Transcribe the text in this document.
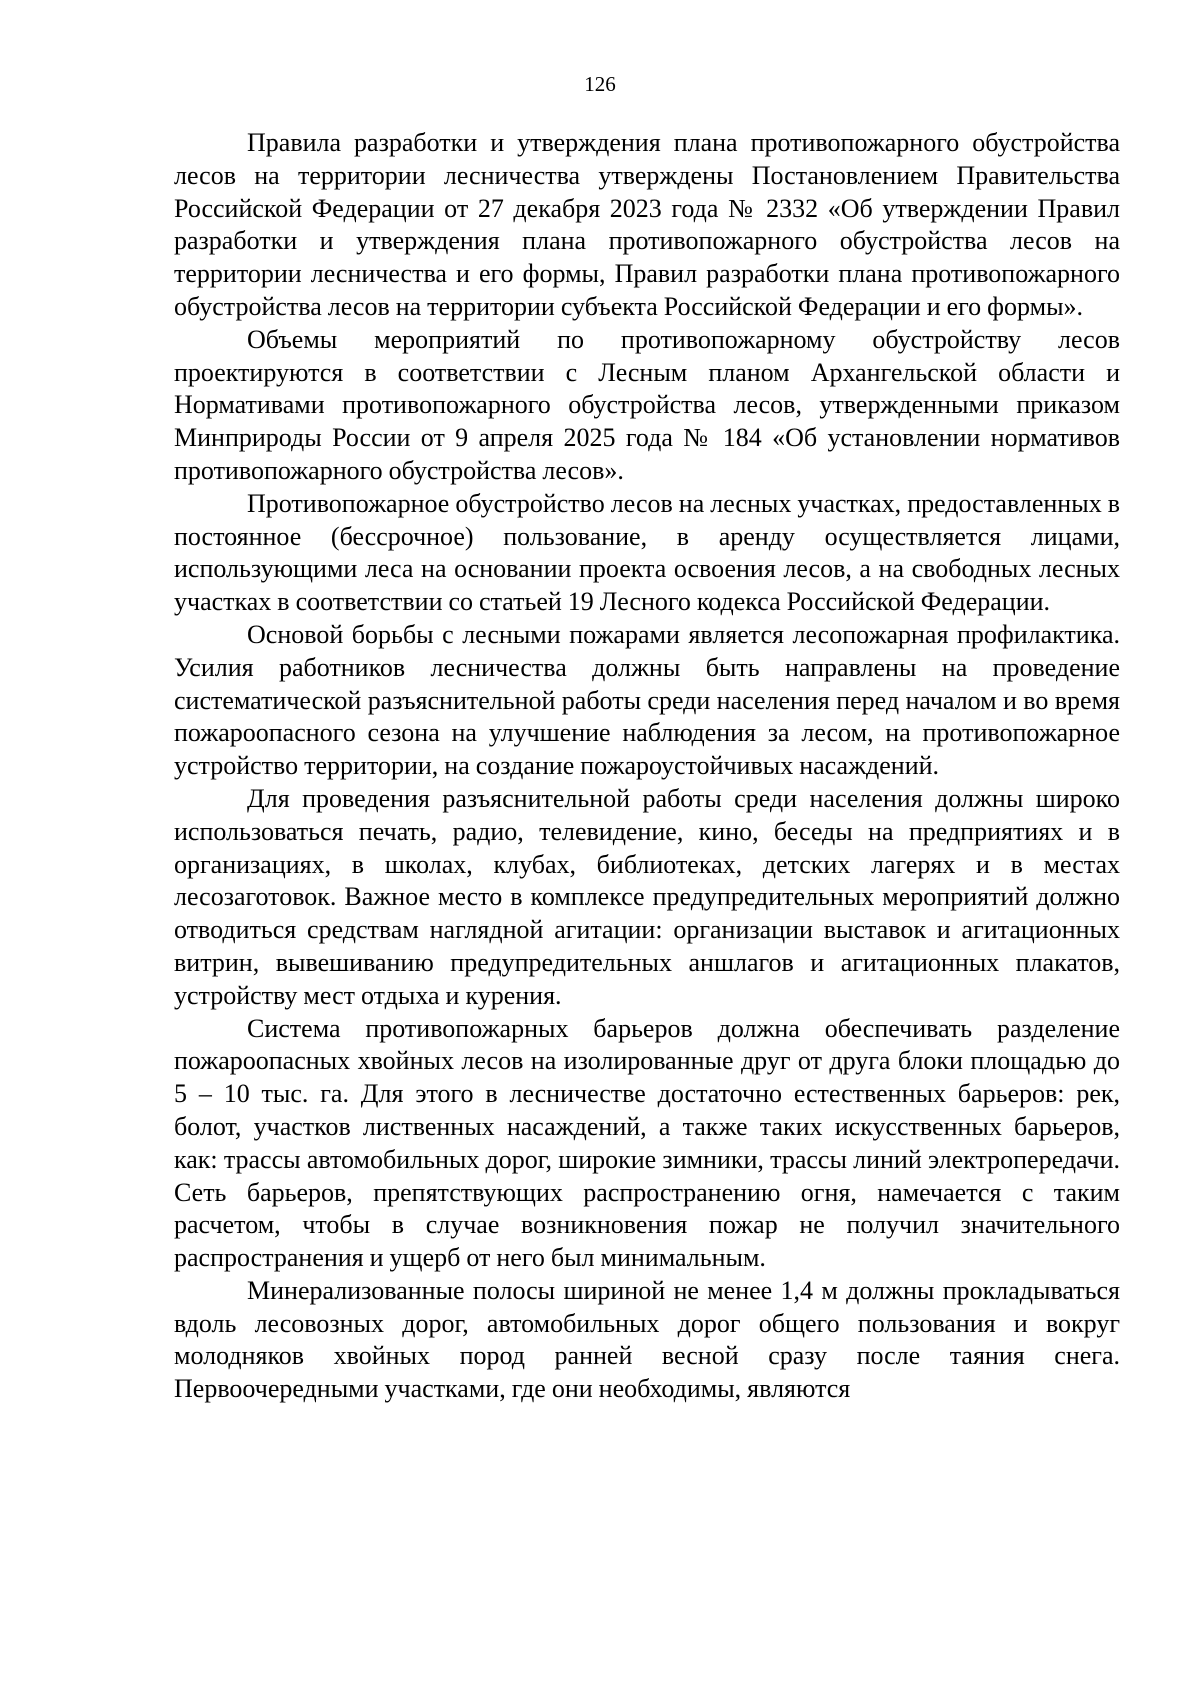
126

Правила разработки и утверждения плана противопожарного обустройства лесов на территории лесничества утверждены Постановлением Правительства Российской Федерации от 27 декабря 2023 года № 2332 «Об утверждении Правил разработки и утверждения плана противопожарного обустройства лесов на территории лесничества и его формы, Правил разработки плана противопожарного обустройства лесов на территории субъекта Российской Федерации и его формы».

Объемы мероприятий по противопожарному обустройству лесов проектируются в соответствии с Лесным планом Архангельской области и Нормативами противопожарного обустройства лесов, утвержденными приказом Минприроды России от 9 апреля 2025 года № 184 «Об установлении нормативов противопожарного обустройства лесов».

Противопожарное обустройство лесов на лесных участках, предоставленных в постоянное (бессрочное) пользование, в аренду осуществляется лицами, использующими леса на основании проекта освоения лесов, а на свободных лесных участках в соответствии со статьей 19 Лесного кодекса Российской Федерации.

Основой борьбы с лесными пожарами является лесопожарная профилактика. Усилия работников лесничества должны быть направлены на проведение систематической разъяснительной работы среди населения перед началом и во время пожароопасного сезона на улучшение наблюдения за лесом, на противопожарное устройство территории, на создание пожароустойчивых насаждений.

Для проведения разъяснительной работы среди населения должны широко использоваться печать, радио, телевидение, кино, беседы на предприятиях и в организациях, в школах, клубах, библиотеках, детских лагерях и в местах лесозаготовок. Важное место в комплексе предупредительных мероприятий должно отводиться средствам наглядной агитации: организации выставок и агитационных витрин, вывешиванию предупредительных аншлагов и агитационных плакатов, устройству мест отдыха и курения.

Система противопожарных барьеров должна обеспечивать разделение пожароопасных хвойных лесов на изолированные друг от друга блоки площадью до 5 – 10 тыс. га. Для этого в лесничестве достаточно естественных барьеров: рек, болот, участков лиственных насаждений, а также таких искусственных барьеров, как: трассы автомобильных дорог, широкие зимники, трассы линий электропередачи. Сеть барьеров, препятствующих распространению огня, намечается с таким расчетом, чтобы в случае возникновения пожар не получил значительного распространения и ущерб от него был минимальным.

Минерализованные полосы шириной не менее 1,4 м должны прокладываться вдоль лесовозных дорог, автомобильных дорог общего пользования и вокруг молодняков хвойных пород ранней весной сразу после таяния снега. Первоочередными участками, где они необходимы, являются
